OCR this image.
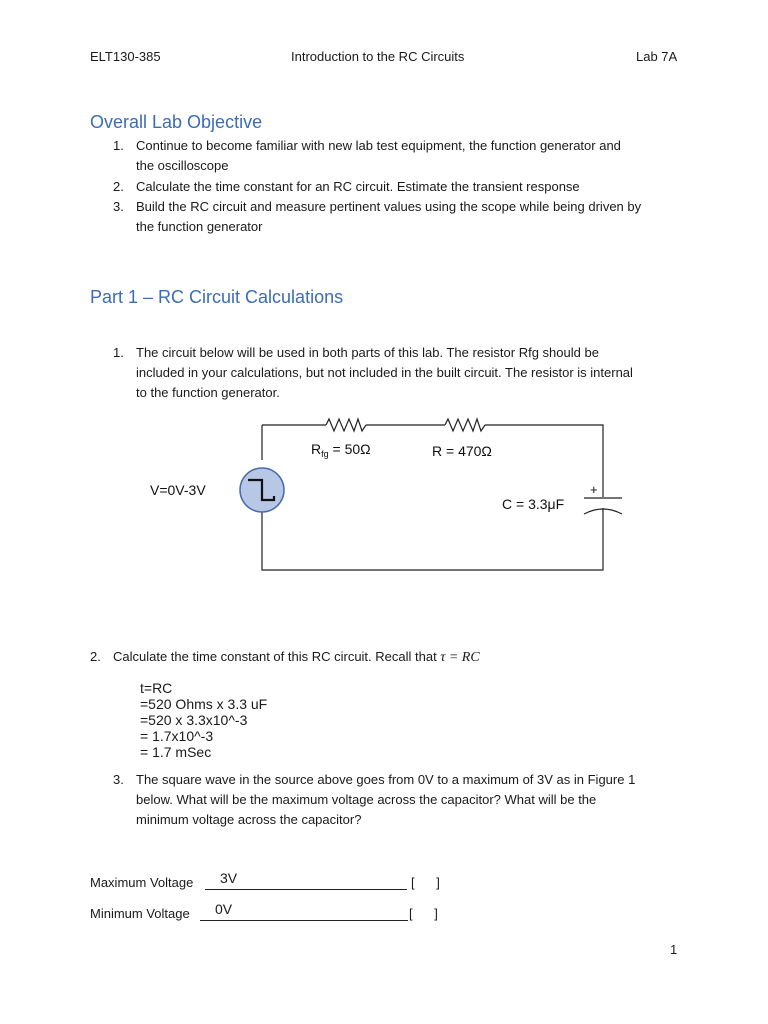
ELT130-385	Introduction to the RC Circuits	Lab 7A
Overall Lab Objective
1. Continue to become familiar with new lab test equipment, the function generator and
the oscilloscope
2. Calculate the time constant for an RC circuit. Estimate the transient response
3. Build the RC circuit and measure pertinent values using the scope while being driven by
the function generator
Part 1 – RC Circuit Calculations
1. The circuit below will be used in both parts of this lab. The resistor Rfg should be
included in your calculations, but not included in the built circuit. The resistor is internal
to the function generator.
V=0V-3V
$R_{fg} = 50\Omega$	R = 470Ω
+
C = 3.3μF
2. Calculate the time constant of this RC circuit. Recall that τ = RC
t=RC
=520 Ohms x 3.3 uF
=520 x 3.3x10^-3
= 1.7x10^-3
= 1.7 mSec
3. The square wave in the source above goes from 0V to a maximum of 3V as in Figure 1
below. What will be the maximum voltage across the capacitor? What will be the
minimum voltage across the capacitor?
Maximum Voltage 3V	[      ]
Minimum Voltage 0V	[      ]
1
